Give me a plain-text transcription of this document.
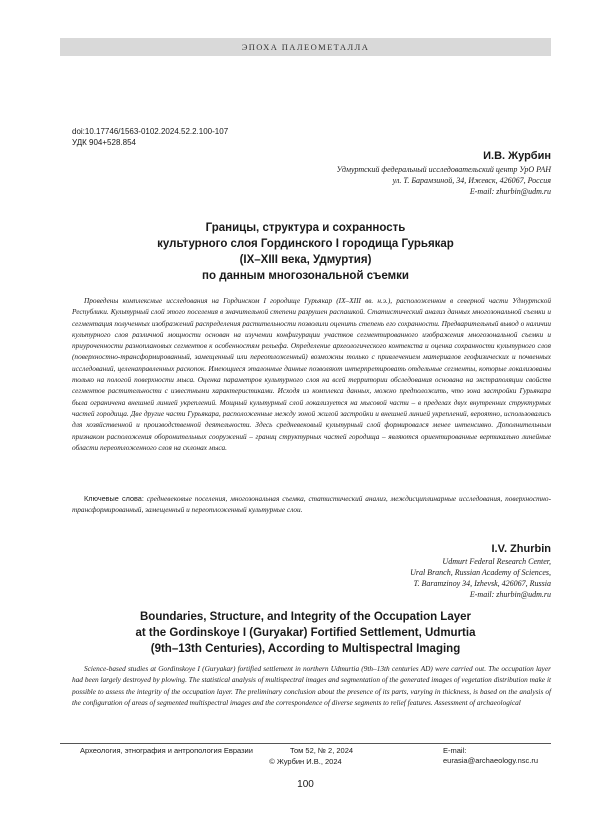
ЭПОХА ПАЛЕОМЕТАЛЛА

doi:10.17746/1563-0102.2024.52.2.100-107

УДК 904+528.854

И.В. Журбин

Удмуртский федеральный исследовательский центр УрО РАН

ул. Т. Барамзиной, 34, Ижевск, 426067, Россия

E-mail: zhurbin@udm.ru

Границы, структура и сохранность
культурного слоя Гординского I городища Гурьякар
(IX–XIII века, Удмуртия)
по данным многозональной съемки

Проведены комплексные исследования на Гординском I городище Гурьякар (IX–XIII вв. н.э.), расположенном в северной части Удмуртской Республики. Культурный слой этого поселения в значительной степени разрушен распашкой. Статистический анализ данных многозональной съемки и сегментация полученных изображений распределения растительности позволили оценить степень его сохранности. Предварительный вывод о наличии культурного слоя различной мощности основан на изучении конфигурации участков сегментированного изображения многозональной съемки и приуроченности разноплановых сегментов к особенностям рельефа. Определение археологического контекста и оценка сохранности культурного слоя (поверхностно-трансформированный, замещенный или переотложенный) возможны только с привлечением материалов геофизических и почвенных исследований, целенаправленных раскопок. Имеющиеся эталонные данные позволяют интерпретировать отдельные сегменты, которые локализованы только на пологой поверхности мыса. Оценка параметров культурного слоя на всей территории обследования основана на экстраполяции свойств сегментов растительности с известными характеристиками. Исходя из комплекса данных, можно предположить, что зона застройки Гурьякара была ограничена внешней линией укреплений. Мощный культурный слой локализуется на мысовой части – в пределах двух внутренних структурных частей городища. Две другие части Гурьякара, расположенные между зоной жилой застройки и внешней линией укреплений, вероятно, использовались для хозяйственной и производственной деятельности. Здесь средневековый культурный слой формировался менее интенсивно. Дополнительным признаком расположения оборонительных сооружений – границ структурных частей городища – являются ориентированные вертикально линейные области переотложенного слоя на склонах мыса.

Ключевые слова: средневековые поселения, многозональная съемка, статистический анализ, междисциплинарные исследования, поверхностно-трансформированный, замещенный и переотложенный культурные слои.

I.V. Zhurbin

Udmurt Federal Research Center,

Ural Branch, Russian Academy of Sciences,

T. Baramzinoy 34, Izhevsk, 426067, Russia

E-mail: zhurbin@udm.ru

Boundaries, Structure, and Integrity of the Occupation Layer
at the Gordinskoye I (Guryakar) Fortified Settlement, Udmurtia
(9th–13th Centuries), According to Multispectral Imaging

Science-based studies at Gordinskoye I (Guryakar) fortified settlement in northern Udmurtia (9th–13th centuries AD) were carried out. The occupation layer had been largely destroyed by plowing. The statistical analysis of multispectral images and segmentation of the generated images of vegetation distribution make it possible to assess the integrity of the occupation layer. The preliminary conclusion about the presence of its parts, varying in thickness, is based on the analysis of the configuration of areas of segmented multispectral images and the correspondence of diverse segments to relief features. Assessment of archaeological

Археология, этнография и антропология Евразии	Том 52, № 2, 2024	E-mail: eurasia@archaeology.nsc.ru

© Журбин И.В., 2024

100
